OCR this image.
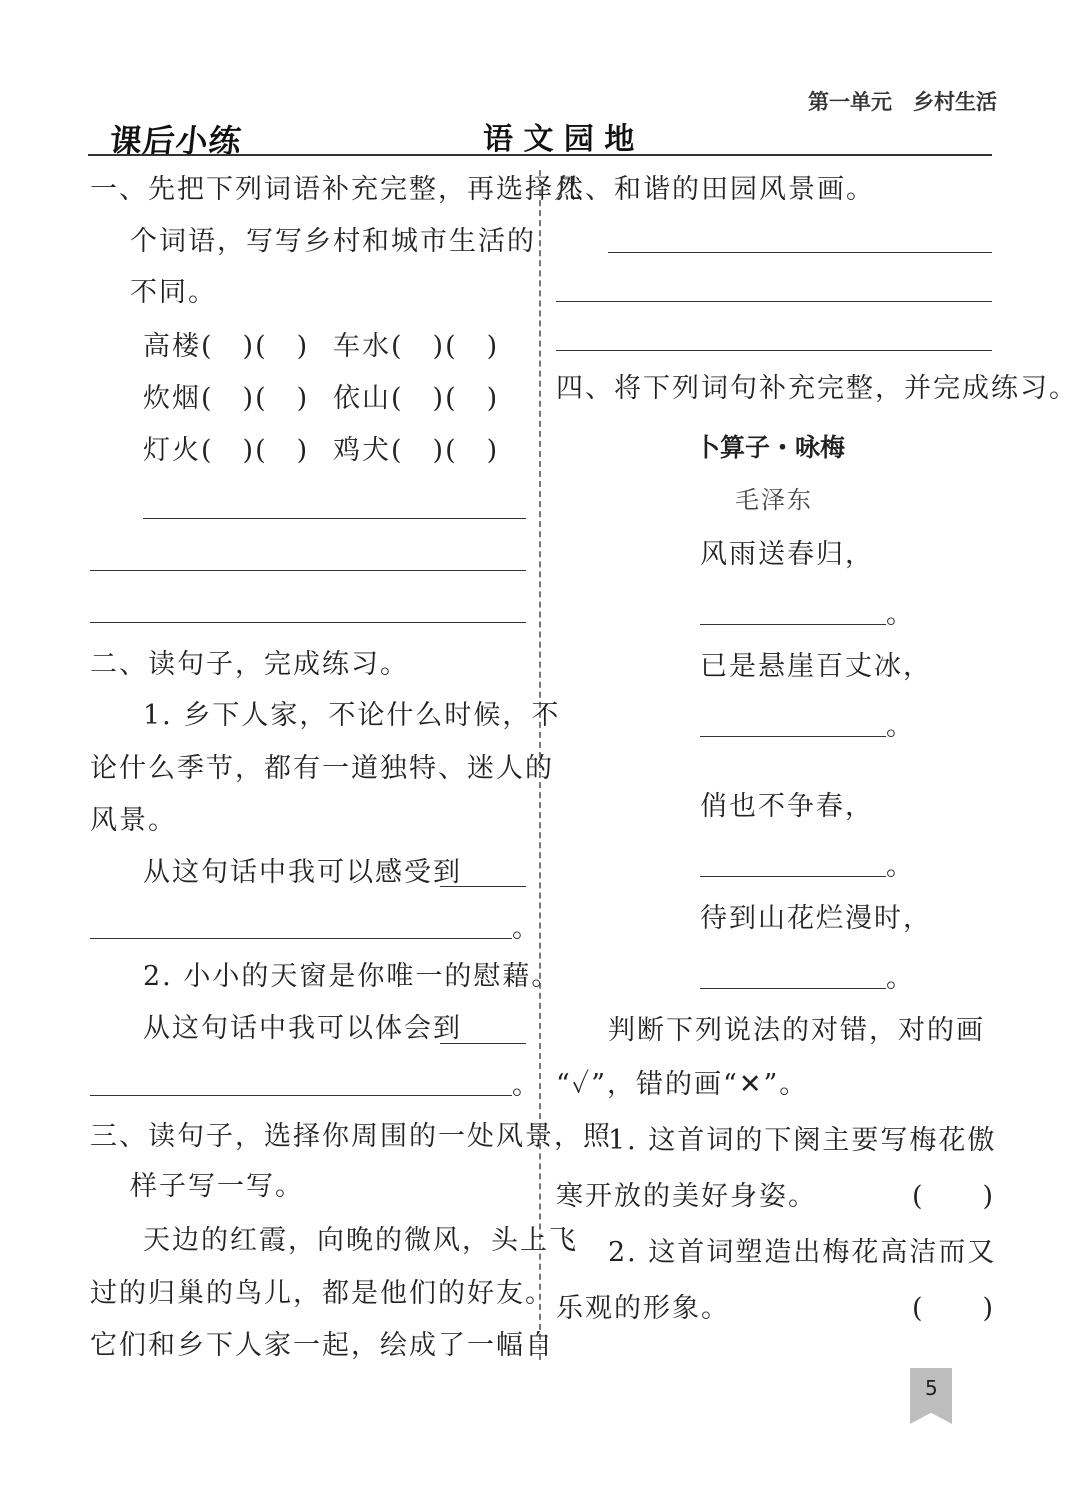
第一单元　乡村生活
课后小练	语 文 园 地
一、先把下列词语补充完整，再选择几
个词语，写写乡村和城市生活的
不同。
高楼(　)(　) 车水(　)(　)
炊烟(　)(　) 依山(　)(　)
灯火(　)(　) 鸡犬(　)(　)
二、读句子，完成练习。
1. 乡下人家，不论什么时候，不
论什么季节，都有一道独特、迷人的
风景。
从这句话中我可以感受到
。
2. 小小的天窗是你唯一的慰藉。
从这句话中我可以体会到
。
三、读句子，选择你周围的一处风景，照
样子写一写。
天边的红霞，向晚的微风，头上飞
过的归巢的鸟儿，都是他们的好友。
它们和乡下人家一起，绘成了一幅自
然、和谐的田园风景画。
四、将下列词句补充完整，并完成练习。
卜算子・咏梅
毛泽东
风雨送春归，
。
已是悬崖百丈冰，
。
俏也不争春，
。
待到山花烂漫时，
。
判断下列说法的对错，对的画
“✓”，错的画“✕”。
1. 这首词的下阕主要写梅花傲
寒开放的美好身姿。	(　　)
2. 这首词塑造出梅花高洁而又
乐观的形象。	(　　)
5
